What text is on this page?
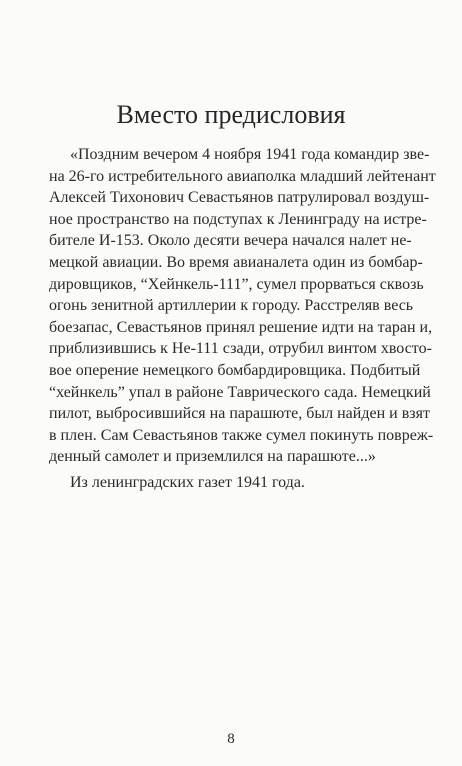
Вместо предисловия
«Поздним вечером 4 ноября 1941 года командир зве-
на 26-го истребительного авиаполка младший лейтенант
Алексей Тихонович Севастьянов патрулировал воздуш-
ное пространство на подступах к Ленинграду на истре-
бителе И-153. Около десяти вечера начался налет не-
мецкой авиации. Во время авианалета один из бомбар-
дировщиков, “Хейнкель-111”, сумел прорваться сквозь
огонь зенитной артиллерии к городу. Расстреляв весь
боезапас, Севастьянов принял решение идти на таран и,
приблизившись к Не-111 сзади, отрубил винтом хвосто-
вое оперение немецкого бомбардировщика. Подбитый
“хейнкель” упал в районе Таврического сада. Немецкий
пилот, выбросившийся на парашюте, был найден и взят
в плен. Сам Севастьянов также сумел покинуть повреж-
денный самолет и приземлился на парашюте...»
Из ленинградских газет 1941 года.
8
